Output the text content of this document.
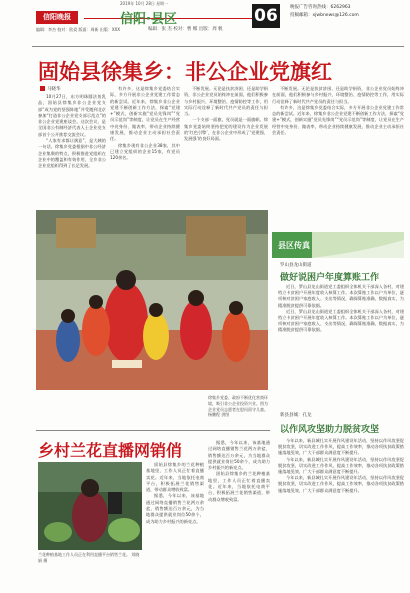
2019年 10月 28日 星期一
信阳晚报
编辑：李杰 校对：欧爱 版面：周新 出版：XXX
信阳·县区
编辑：张 杰 校对：曹 娜 出版：周 帆
06	晚报广告咨询热线：6262963
投稿邮箱：xjwbnews@126.com
固始县徐集乡：非公企业党旗红
马晓华

10月27日，东方明珠圆法鱼乳品，固始县徐集乡非公企业党支部“成为党的坚强阵地”并受邀到北京参加“打造非公企业党支部示范点”的非公企业党建座谈会。这次会议，是全国非公有制经济代表人士企业党支部首个公开推荐交流会议。

“人家有求都让满意”，是大姨的一句话。徐集乡党委根据中非公经济企业集聚的特点，积极推进党组织在企业中的覆盖和有效作用，全乡非公企业党组织得到了长足发展。

有许多，这是徐集乡党委结合实际，多方开展非公企业党建工作常态的新尝试。近年来，徐集乡非公企业党建不断创新工作方法，探索“党建+”模式，创新实施“党员先锋岗”“党员示范岗”等制度，让党员在生产经营中亮身份、做表率，带动企业持续健康发展，推动企业主动承担社会责任。

徐集乡现有非公企业38家，其中已建立党组织的企业15家，有党员120余名。

不断发展。无论是扶贫济困、还是助学捐资，非公企业党员始终冲在前面，他们积极参与乡村振兴、环境整治、疫情防控等工作，用实际行动诠释了新时代共产党员的责任与担当。

一个支部一面旗，党员就是一面旗帜。徐集乡党委始终坚持把党的建设作为企业发展的‘红色引擎’，在非公企业中形成了‘党建强、发展强’的良好局面。

不断发展。无论是扶贫济困、还是助学捐资，非公企业党员始终冲在前面，他们积极参与乡村振兴、环境整治、疫情防控等工作，用实际行动诠释了新时代共产党员的责任与担当。

有许多，这是徐集乡党委结合实际，多方开展非公企业党建工作常态的新尝试。近年来，徐集乡非公企业党建不断创新工作方法，探索“党建+”模式，创新实施“党员先锋岗”“党员示范岗”等制度，让党员在生产经营中亮身份、做表率，带动企业持续健康发展，推动企业主动承担社会责任。

徐集乡党委、政府不断优化营商环境，吸引非公企业投资兴业。图为企业党员志愿者在慰问留守儿童。 杨鹏程 供图
县区传真
罗山县龙山街道
做好说困户年度算账工作

近日，罗山县龙山街道党工委组织全体机关干部深入各村，对建档立卡贫困户开展年度收入核算工作。本次算账工作以户为单位，逐项核对贫困户家庭收入、支出等情况，确保算账准确、数据真实，为精准脱贫提供可靠依据。

近日，罗山县龙山街道党工委组织全体机关干部深入各村，对建档立卡贫困户开展年度收入核算工作。本次算账工作以户为单位，逐项核对贫困户家庭收入、支出等情况，确保算账准确、数据真实，为精准脱贫提供可靠依据。

新县县城：孔龙
以作风攻坚助力脱贫攻坚

今年以来，新县城扎实开展作风建设年活动，坚持以作风攻坚促脱贫攻坚，切实改进工作作风，提高工作效率，推动各项扶贫政策措施落地见效，广大干部群众满意度不断提升。

今年以来，新县城扎实开展作风建设年活动，坚持以作风攻坚促脱贫攻坚，切实改进工作作风，提高工作效率，推动各项扶贫政策措施落地见效，广大干部群众满意度不断提升。

今年以来，新县城扎实开展作风建设年活动，坚持以作风攻坚促脱贫攻坚，切实改进工作作风，提高工作效率，推动各项扶贫政策措施落地见效，广大干部群众满意度不断提升。

乡村兰花直播网销俏
兰花种植基地工作人员正在利用直播平台销售兰花。 刘晓娟 摄

固始县徐集乡的兰花种植基地里，工作人员正忙着直播卖花。近年来，当地依托电商平台，积极拓展兰花销售渠道，带动群众增收致富。

据悉，今年以来，该基地通过网络直播销售兰花两万余盆，销售额达百万余元，为当地群众提供就业岗位50余个，成为助力乡村振兴的新亮点。

据悉，今年以来，该基地通过网络直播销售兰花两万余盆，销售额达百万余元，为当地群众提供就业岗位50余个，成为助力乡村振兴的新亮点。

固始县徐集乡的兰花种植基地里，工作人员正忙着直播卖花。近年来，当地依托电商平台，积极拓展兰花销售渠道，带动群众增收致富。
